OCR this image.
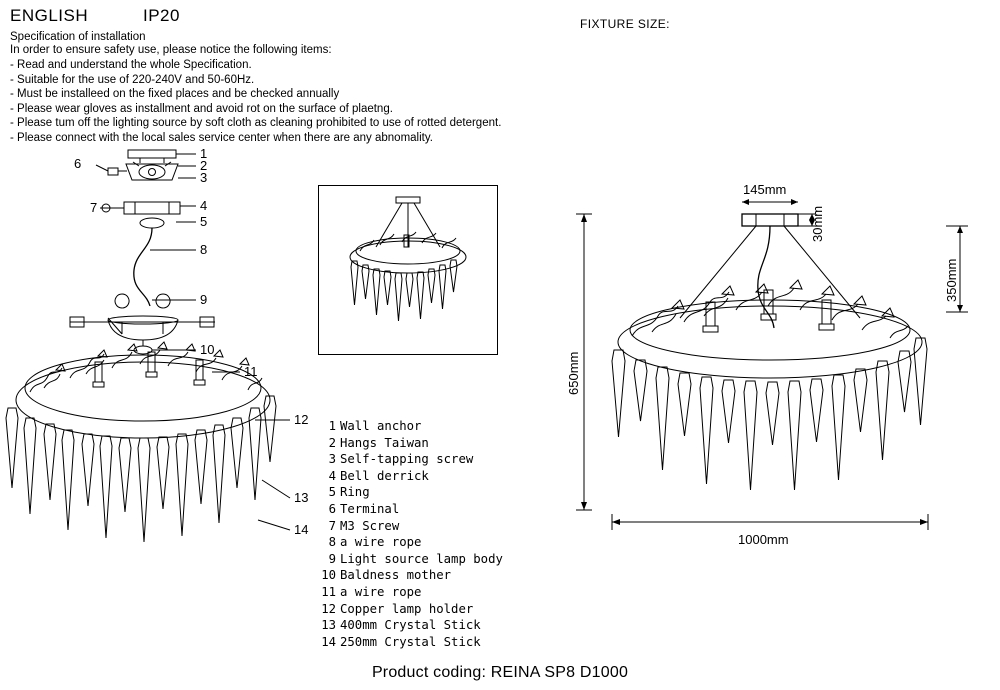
ENGLISH	IP20
Specification of installation
In order to ensure safety use, please notice the following items:
- Read and understand the whole Specification.
- Suitable for the use of 220-240V and 50-60Hz.
- Must be installeed on the fixed places and be checked annually
- Please wear gloves as installment and avoid rot on the surface of plaetng.
- Please tum off the lighting source by soft cloth as cleaning prohibited to use of rotted detergent.
- Please connect with the local sales service center when there are any abnomality.
FIXTURE SIZE:
1
2
3
4
5
6
7
8
9
10
11
12
13
14
1 Wall anchor
2 Hangs Taiwan
3 Self-tapping screw
4 Bell derrick
5 Ring
6 Terminal
7 M3 Screw
8 a wire rope
9 Light source lamp body
10 Baldness mother
11 a wire rope
12 Copper lamp holder
13 400mm Crystal Stick
14 250mm Crystal Stick
145mm
30mm
350mm
650mm
1000mm
Product coding: REINA SP8 D1000
